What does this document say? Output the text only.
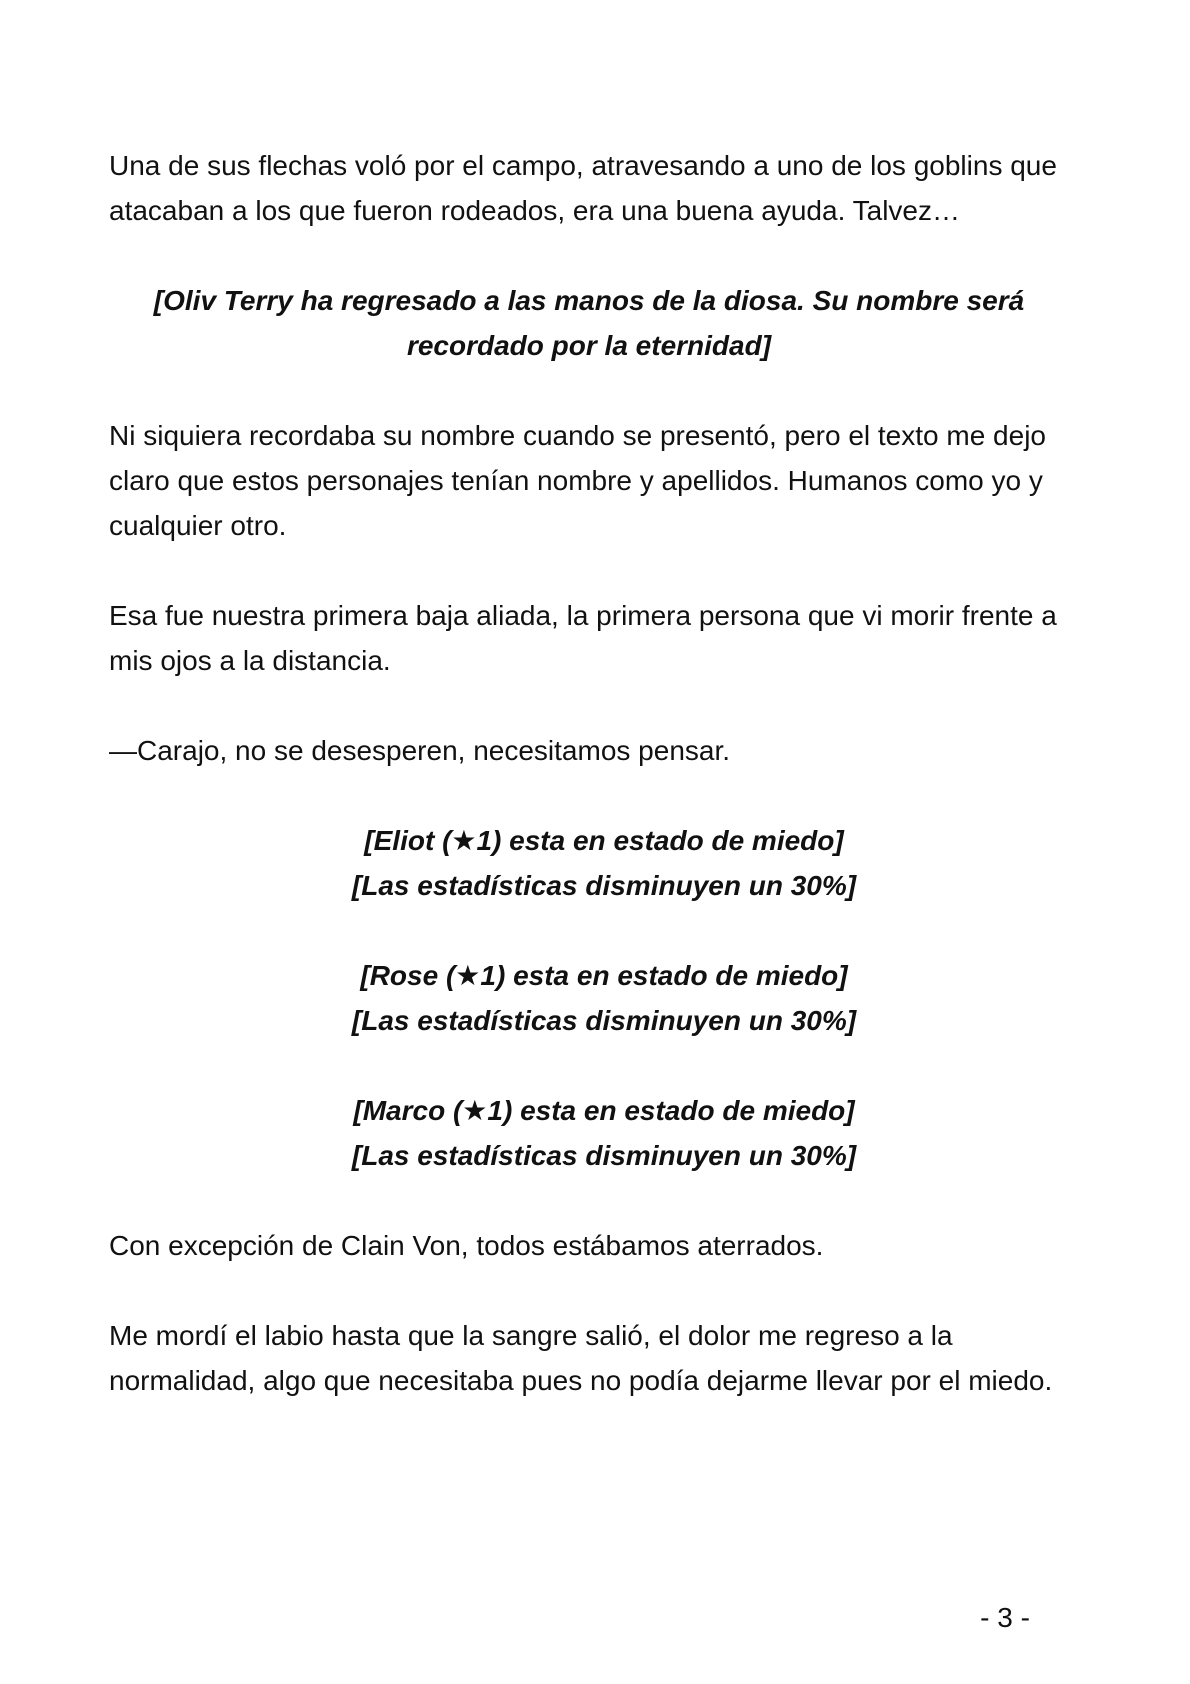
Una de sus flechas voló por el campo, atravesando a uno de los goblins que atacaban a los que fueron rodeados, era una buena ayuda. Talvez…

[Oliv Terry ha regresado a las manos de la diosa. Su nombre será
recordado por la eternidad]

Ni siquiera recordaba su nombre cuando se presentó, pero el texto me dejo claro que estos personajes tenían nombre y apellidos. Humanos como yo y cualquier otro.

Esa fue nuestra primera baja aliada, la primera persona que vi morir frente a mis ojos a la distancia.

—Carajo, no se desesperen, necesitamos pensar.

[Eliot (★1) esta en estado de miedo]
[Las estadísticas disminuyen un 30%]
[Rose (★1) esta en estado de miedo]
[Las estadísticas disminuyen un 30%]
[Marco (★1) esta en estado de miedo]
[Las estadísticas disminuyen un 30%]

Con excepción de Clain Von, todos estábamos aterrados.

Me mordí el labio hasta que la sangre salió, el dolor me regreso a la normalidad, algo que necesitaba pues no podía dejarme llevar por el miedo.

- 3 -
